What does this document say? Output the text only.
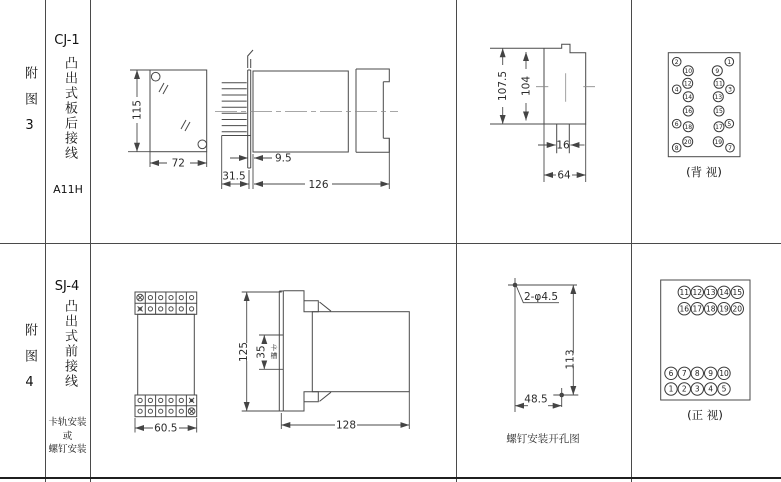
附图3
CJ-1
凸出式板后接线
A11H
附图4
SJ-4
凸出式前接线
卡轨安装
或
螺钉安装
115
72	9.5
31.5
126
107.5 104
16
64	(背 视)
2	1
10	9
12	11
4	3
14	13
16	15
6	5
18	17
20	19
8	7
60.5
35
125
128
卡槽
2-φ4.5
113
48.5
螺钉安装开孔图
(正 视)
11 12 13 14 15
16 17 18 19 20
6 7 8 9 10
1 2 3 4 5
